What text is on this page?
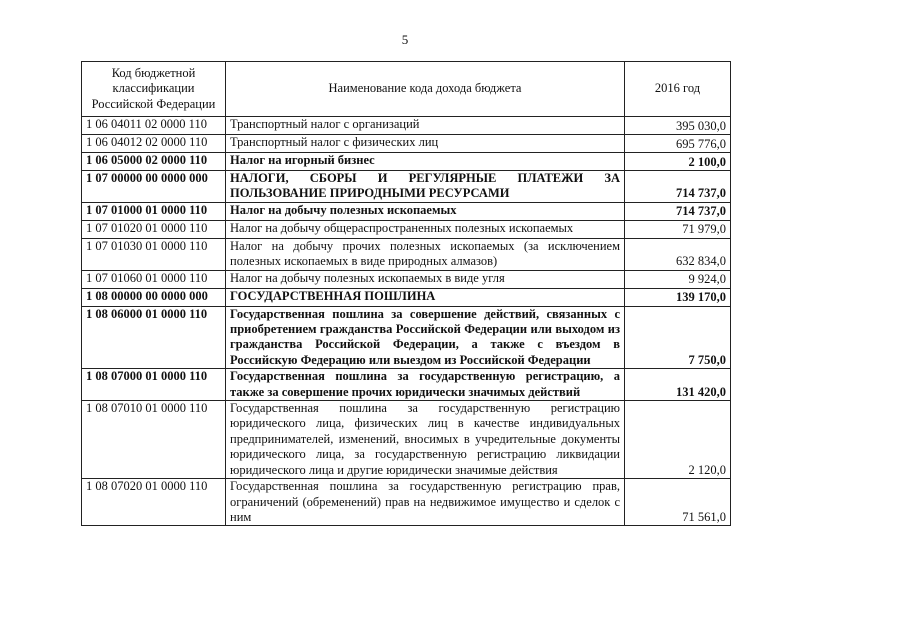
5
Код бюджетной классификации Российской Федерации	Наименование кода дохода бюджета	2016 год
1 06 04011 02 0000 110	Транспортный налог с организаций	395 030,0
1 06 04012 02 0000 110	Транспортный налог с физических лиц	695 776,0
1 06 05000 02 0000 110	Налог на игорный бизнес	2 100,0
1 07 00000 00 0000 000	НАЛОГИ, СБОРЫ И РЕГУЛЯРНЫЕ ПЛАТЕЖИ ЗА ПОЛЬЗОВАНИЕ ПРИРОДНЫМИ РЕСУРСАМИ	714 737,0
1 07 01000 01 0000 110	Налог на добычу полезных ископаемых	714 737,0
1 07 01020 01 0000 110	Налог на добычу общераспространенных полезных ископаемых	71 979,0
1 07 01030 01 0000 110	Налог на добычу прочих полезных ископаемых (за исключением полезных ископаемых в виде природных алмазов)	632 834,0
1 07 01060 01 0000 110	Налог на добычу полезных ископаемых в виде угля	9 924,0
1 08 00000 00 0000 000	ГОСУДАРСТВЕННАЯ ПОШЛИНА	139 170,0
1 08 06000 01 0000 110	Государственная пошлина за совершение действий, связанных с приобретением гражданства Российской Федерации или выходом из гражданства Российской Федерации, а также с въездом в Российскую Федерацию или выездом из Российской Федерации	7 750,0
1 08 07000 01 0000 110	Государственная пошлина за государственную регистрацию, а также за совершение прочих юридически значимых действий	131 420,0
1 08 07010 01 0000 110	Государственная пошлина за государственную регистрацию юридического лица, физических лиц в качестве индивидуальных предпринимателей, изменений, вносимых в учредительные документы юридического лица, за государственную регистрацию ликвидации юридического лица и другие юридически значимые действия	2 120,0
1 08 07020 01 0000 110	Государственная пошлина за государственную регистрацию прав, ограничений (обременений) прав на недвижимое имущество и сделок с ним	71 561,0
